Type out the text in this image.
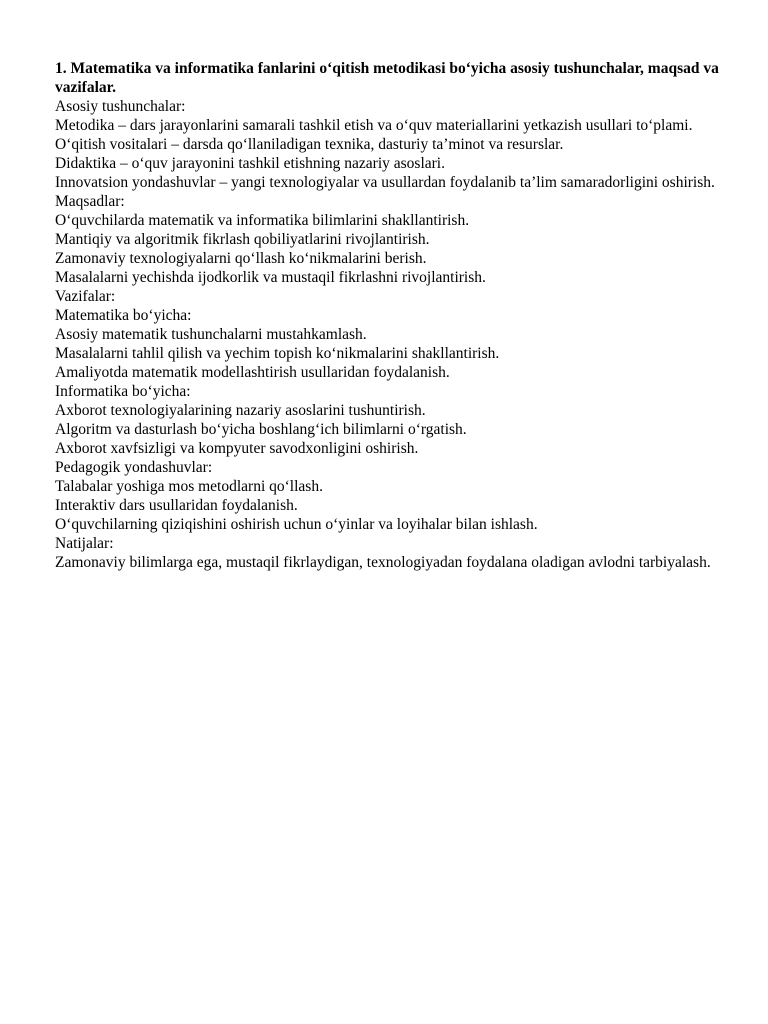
1. Matematika va informatika fanlarini o‘qitish metodikasi bo‘yicha asosiy tushunchalar, maqsad va vazifalar.

Asosiy tushunchalar:

Metodika – dars jarayonlarini samarali tashkil etish va o‘quv materiallarini yetkazish usullari to‘plami.

O‘qitish vositalari – darsda qo‘llaniladigan texnika, dasturiy ta’minot va resurslar.

Didaktika – o‘quv jarayonini tashkil etishning nazariy asoslari.

Innovatsion yondashuvlar – yangi texnologiyalar va usullardan foydalanib ta’lim samaradorligini oshirish.

Maqsadlar:

O‘quvchilarda matematik va informatika bilimlarini shakllantirish.

Mantiqiy va algoritmik fikrlash qobiliyatlarini rivojlantirish.

Zamonaviy texnologiyalarni qo‘llash ko‘nikmalarini berish.

Masalalarni yechishda ijodkorlik va mustaqil fikrlashni rivojlantirish.

Vazifalar:

Matematika bo‘yicha:

Asosiy matematik tushunchalarni mustahkamlash.

Masalalarni tahlil qilish va yechim topish ko‘nikmalarini shakllantirish.

Amaliyotda matematik modellashtirish usullaridan foydalanish.

Informatika bo‘yicha:

Axborot texnologiyalarining nazariy asoslarini tushuntirish.

Algoritm va dasturlash bo‘yicha boshlang‘ich bilimlarni o‘rgatish.

Axborot xavfsizligi va kompyuter savodxonligini oshirish.

Pedagogik yondashuvlar:

Talabalar yoshiga mos metodlarni qo‘llash.

Interaktiv dars usullaridan foydalanish.

O‘quvchilarning qiziqishini oshirish uchun o‘yinlar va loyihalar bilan ishlash.

Natijalar:

Zamonaviy bilimlarga ega, mustaqil fikrlaydigan, texnologiyadan foydalana oladigan avlodni tarbiyalash.
